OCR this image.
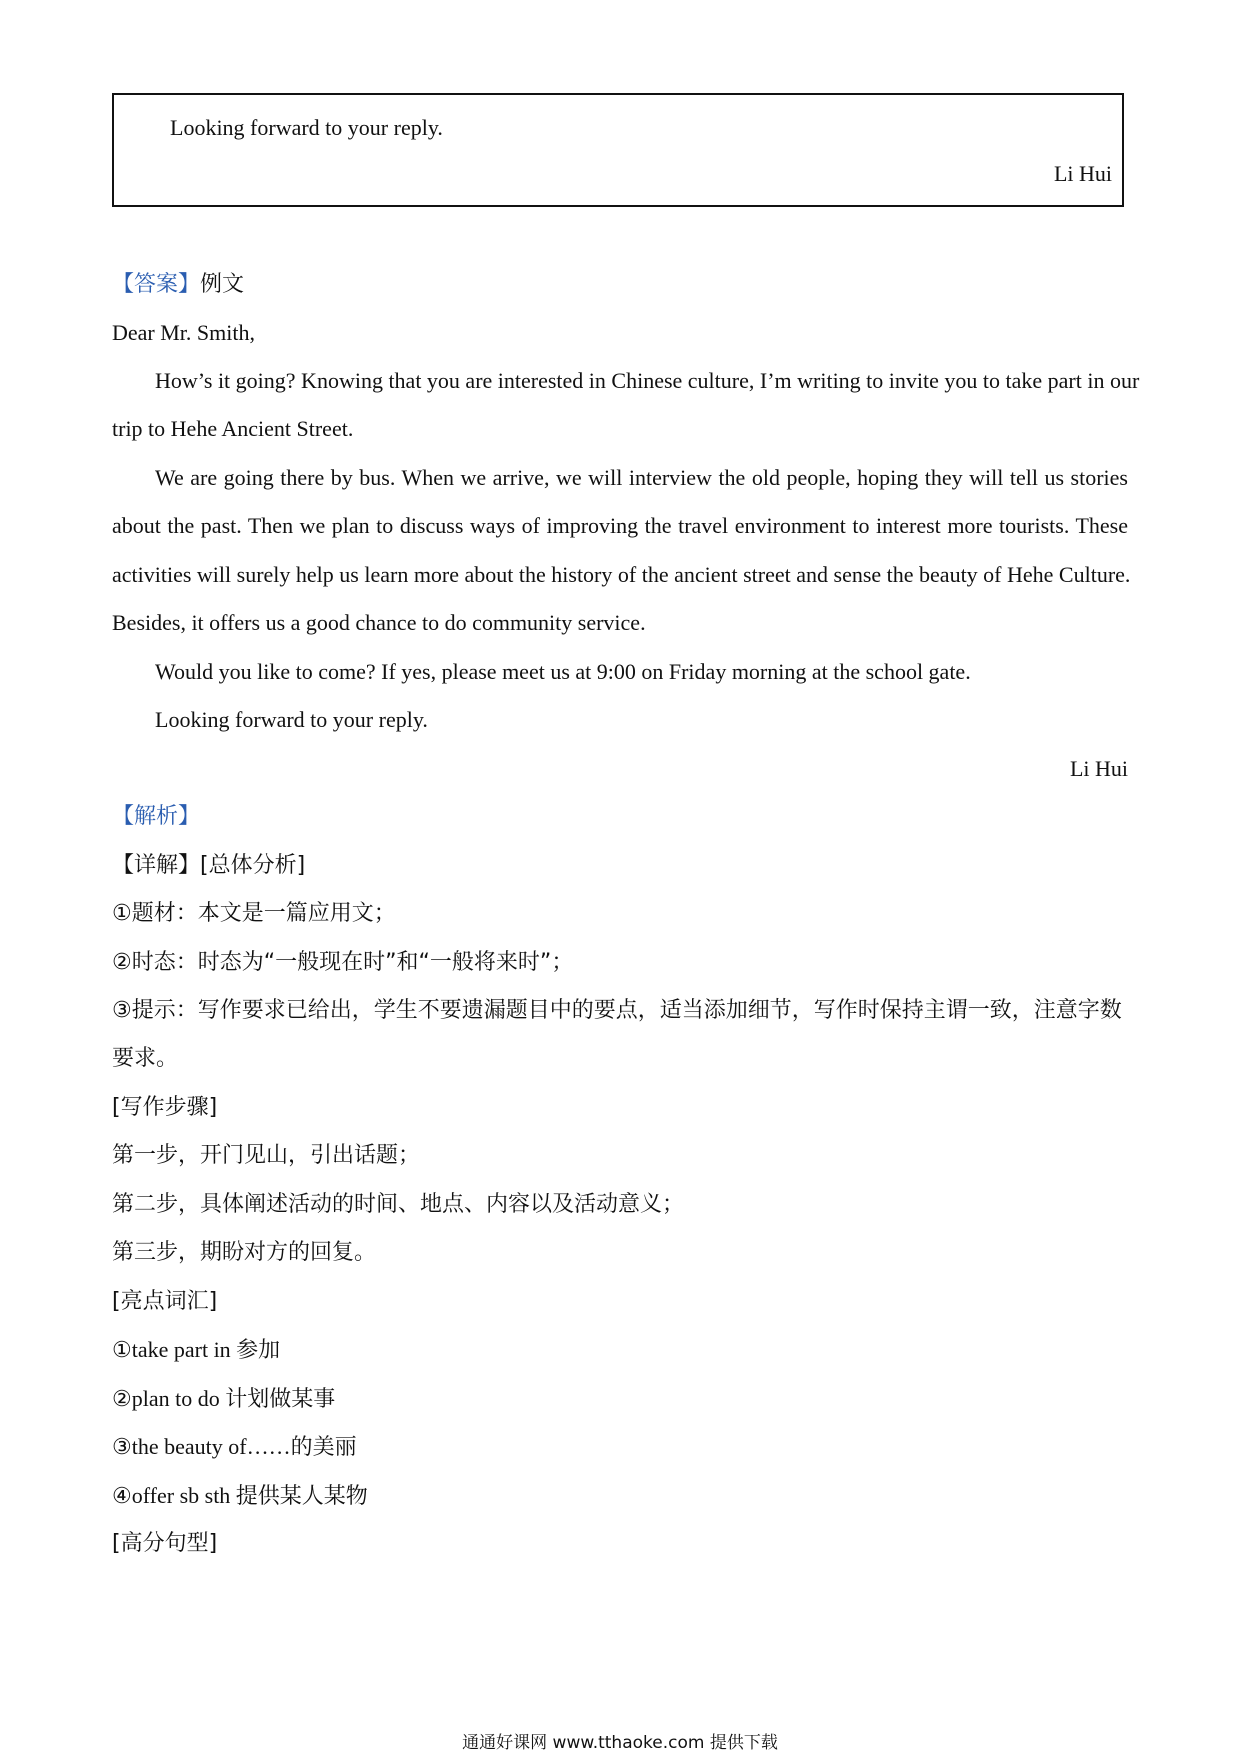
Looking forward to your reply.
Li Hui
【答案】例文
Dear Mr. Smith,
How’s it going? Knowing that you are interested in Chinese culture, I’m writing to invite you to take part in our
trip to Hehe Ancient Street.
We are going there by bus. When we arrive, we will interview the old people, hoping they will tell us stories
about the past. Then we plan to discuss ways of improving the travel environment to interest more tourists. These
activities will surely help us learn more about the history of the ancient street and sense the beauty of Hehe Culture.
Besides, it offers us a good chance to do community service.
Would you like to come? If yes, please meet us at 9:00 on Friday morning at the school gate.
Looking forward to your reply.
Li Hui
【解析】
【详解】[总体分析]
①题材：本文是一篇应用文；
②时态：时态为“一般现在时”和“一般将来时”；
③提示：写作要求已给出，学生不要遗漏题目中的要点，适当添加细节，写作时保持主谓一致，注意字数
要求。
[写作步骤]
第一步，开门见山，引出话题；
第二步，具体阐述活动的时间、地点、内容以及活动意义；
第三步，期盼对方的回复。
[亮点词汇]
①take part in 参加
②plan to do 计划做某事
③the beauty of……的美丽
④offer sb sth 提供某人某物
[高分句型]
通通好课网 www.tthaoke.com 提供下载
